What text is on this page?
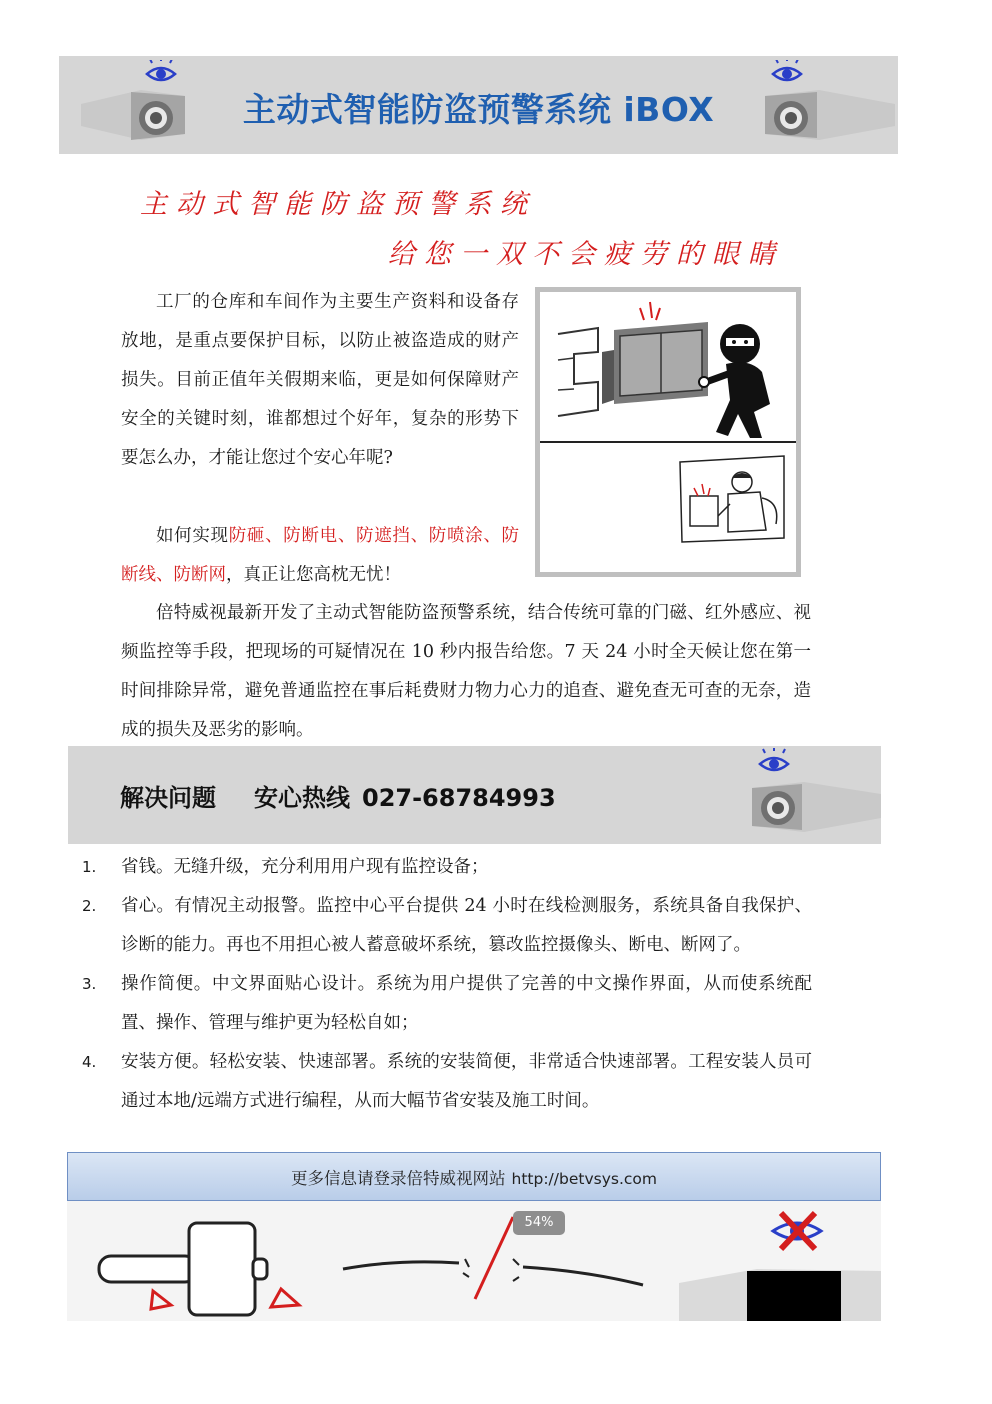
主动式智能防盗预警系统 iBOX
主动式智能防盗预警系统
给您一双不会疲劳的眼睛
工厂的仓库和车间作为主要生产资料和设备存放地，是重点要保护目标，以防止被盗造成的财产损失。目前正值年关假期来临，更是如何保障财产安全的关键时刻，谁都想过个好年，复杂的形势下要怎么办，才能让您过个安心年呢?
如何实现防砸、防断电、防遮挡、防喷涂、防断线、防断网，真正让您高枕无忧！
倍特威视最新开发了主动式智能防盗预警系统，结合传统可靠的门磁、红外感应、视频监控等手段，把现场的可疑情况在 10 秒内报告给您。7 天 24 小时全天候让您在第一时间排除异常，避免普通监控在事后耗费财力物力心力的追查、避免查无可查的无奈，造成的损失及恶劣的影响。
解决问题 安心热线 027-68784993
1. 省钱。无缝升级，充分利用用户现有监控设备；
2. 省心。有情况主动报警。监控中心平台提供 24 小时在线检测服务，系统具备自我保护、诊断的能力。再也不用担心被人蓄意破坏系统，篡改监控摄像头、断电、断网了。
3. 操作简便。中文界面贴心设计。系统为用户提供了完善的中文操作界面，从而使系统配置、操作、管理与维护更为轻松自如；
4. 安装方便。轻松安装、快速部署。系统的安装简便，非常适合快速部署。工程安装人员可通过本地/远端方式进行编程，从而大幅节省安装及施工时间。
更多信息请登录倍特威视网站 http://betvsys.com
54%
